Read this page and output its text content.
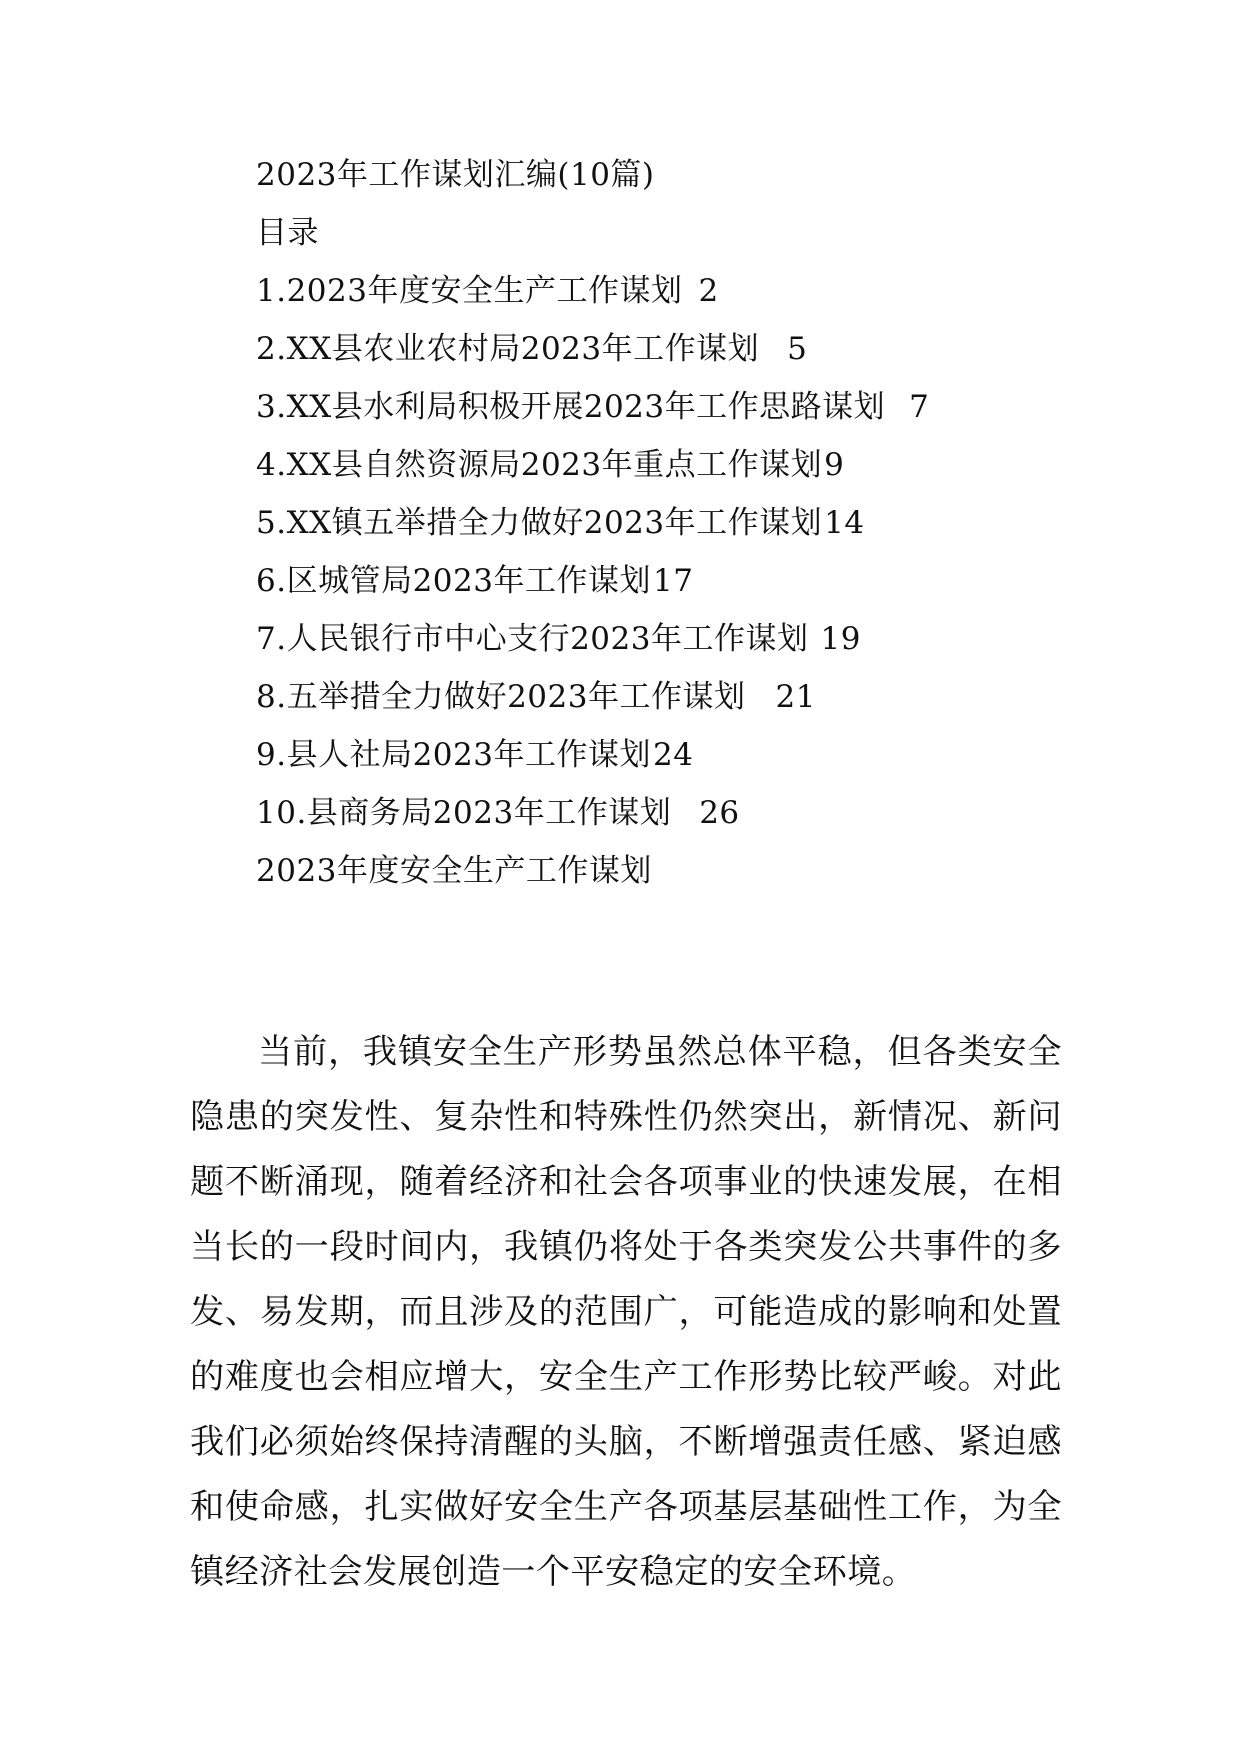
2023年工作谋划汇编(10篇)
目录
1.2023年度安全生产工作谋划 2
2.XX县农业农村局2023年工作谋划 5
3.XX县水利局积极开展2023年工作思路谋划 7
4.XX县自然资源局2023年重点工作谋划9
5.XX镇五举措全力做好2023年工作谋划14
6.区城管局2023年工作谋划17
7.人民银行市中心支行2023年工作谋划 19
8.五举措全力做好2023年工作谋划 21
9.县人社局2023年工作谋划24
10.县商务局2023年工作谋划 26
2023年度安全生产工作谋划

当前，我镇安全生产形势虽然总体平稳，但各类安全隐患的突发性、复杂性和特殊性仍然突出，新情况、新问题不断涌现，随着经济和社会各项事业的快速发展，在相当长的一段时间内，我镇仍将处于各类突发公共事件的多发、易发期，而且涉及的范围广，可能造成的影响和处置的难度也会相应增大，安全生产工作形势比较严峻。对此我们必须始终保持清醒的头脑，不断增强责任感、紧迫感和使命感，扎实做好安全生产各项基层基础性工作，为全镇经济社会发展创造一个平安稳定的安全环境。
